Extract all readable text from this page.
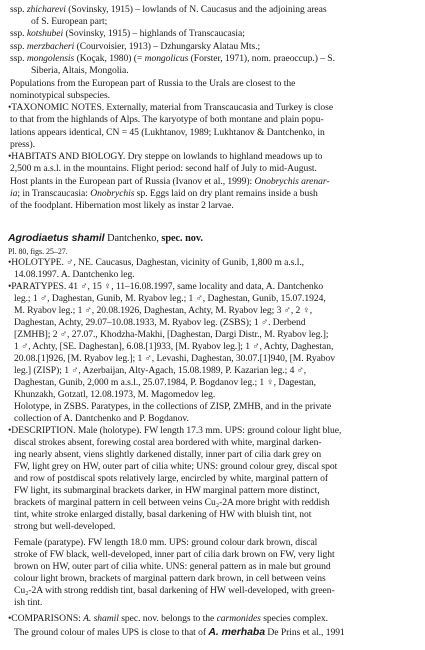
ssp. zhicharevi (Sovinsky, 1915) – lowlands of N. Caucasus and the adjoining areas
of S. European part;
ssp. kotshubei (Sovinsky, 1915) – highlands of Transcaucasia;
ssp. merzbacheri (Courvoisier, 1913) – Dzhungarsky Alatau Mts.;
ssp. mongolensis (Koçak, 1980) (= mongolicus (Forster, 1971), nom. praeoccup.) – S.
Siberia, Altais, Mongolia.
Populations from the European part of Russia to the Urals are closest to the
nominotypical subspecies.
•TAXONOMIC NOTES. Externally, material from Transcaucasia and Turkey is close
to that from the highlands of Alps. The karyotype of both montane and plain popu-
lations appears identical, CN = 45 (Lukhtanov, 1989; Lukhtanov & Dantchenko, in
press).
•HABITATS AND BIOLOGY. Dry steppe on lowlands to highland meadows up to
2,500 m a.s.l. in the mountains. Flight period: second half of July to mid-August.
Host plants in the European part of Russia (Ivanov et al., 1999): Onobrychis arenar-
ia; in Transcaucasia: Onobrychis sp. Eggs laid on dry plant remains inside a bush
of the foodplant. Hibernation most likely as instar 2 larvae.
Agrodiaetus shamil Dantchenko, spec. nov.
Pl. 80, figs. 25–27.
•HOLOTYPE. ♂, NE. Caucasus, Daghestan, vicinity of Gunib, 1,800 m a.s.l.,
14.08.1997. A. Dantchenko leg.
•PARATYPES. 41 ♂, 15 ♀, 11–16.08.1997, same locality and data, A. Dantchenko
leg.; 1 ♂, Daghestan, Gunib, M. Ryabov leg.; 1 ♂, Daghestan, Gunib, 15.07.1924,
M. Ryabov leg.; 1 ♂, 20.08.1926, Daghestan, Achty, M. Ryabov leg; 3 ♂, 2 ♀,
Daghestan, Achty, 29.07–10.08.1933, M. Ryabov leg. (ZSBS); 1 ♂. Derbend
[ZMHB]; 2 ♂, 27.07., Khodzha-Makhi, [Daghestan, Dargi Distr., M. Ryabov leg.];
1 ♂, Achty, [SE. Daghestan], 6.08.[1]933, [M. Ryabov leg.]; 1 ♂, Achty, Daghestan,
20.08.[1]926, [M. Ryabov leg.]; 1 ♂, Levashi, Daghestan, 30.07.[1]940, [M. Ryabov
leg.] (ZISP); 1 ♂, Azerbaijan, Alty-Agach, 15.08.1989, P. Kazarian leg.; 4 ♂,
Daghestan, Gunib, 2,000 m a.s.l., 25.07.1984, P. Bogdanov leg.; 1 ♀, Dagestan,
Khunzakh, Gotzatl, 12.08.1973, M. Magomedov leg.
Holotype, in ZSBS. Paratypes, in the collections of ZISP, ZMHB, and in the private
collection of A. Dantchenko and P. Bogdanov.
•DESCRIPTION. Male (holotype). FW length 17.3 mm. UPS: ground colour light blue,
discal strokes absent, forewing costal area bordered with white, marginal darken-
ing nearly absent, viens slightly darkened distally, inner part of cilia dark grey on
FW, light grey on HW, outer part of cilia white; UNS: ground colour grey, discal spot
and row of postdiscal spots relatively large, encircled by white, marginal pattern of
FW light, its submarginal brackets darker, in HW marginal pattern more distinct,
brackets of marginal pattern in cell between veins Cu₂-2A more bright with reddish
tint, white stroke enlarged distally, basal darkening of HW with bluish tint, not
strong but well-developed.
Female (paratype). FW length 18.0 mm. UPS: ground colour dark brown, discal
stroke of FW black, well-developed, inner part of cilia dark brown on FW, very light
brown on HW, outer part of cilia white. UNS: general pattern as in male but ground
colour light brown, brackets of marginal pattern dark brown, in cell between veins
Cu₂-2A with strong reddish tint, basal darkening of HW well-developed, with green-
ish tint.
•COMPARISONS: A. shamil spec. nov. belongs to the carmonides species complex.
The ground colour of males UPS is close to that of A. merhaba De Prins et al., 1991
